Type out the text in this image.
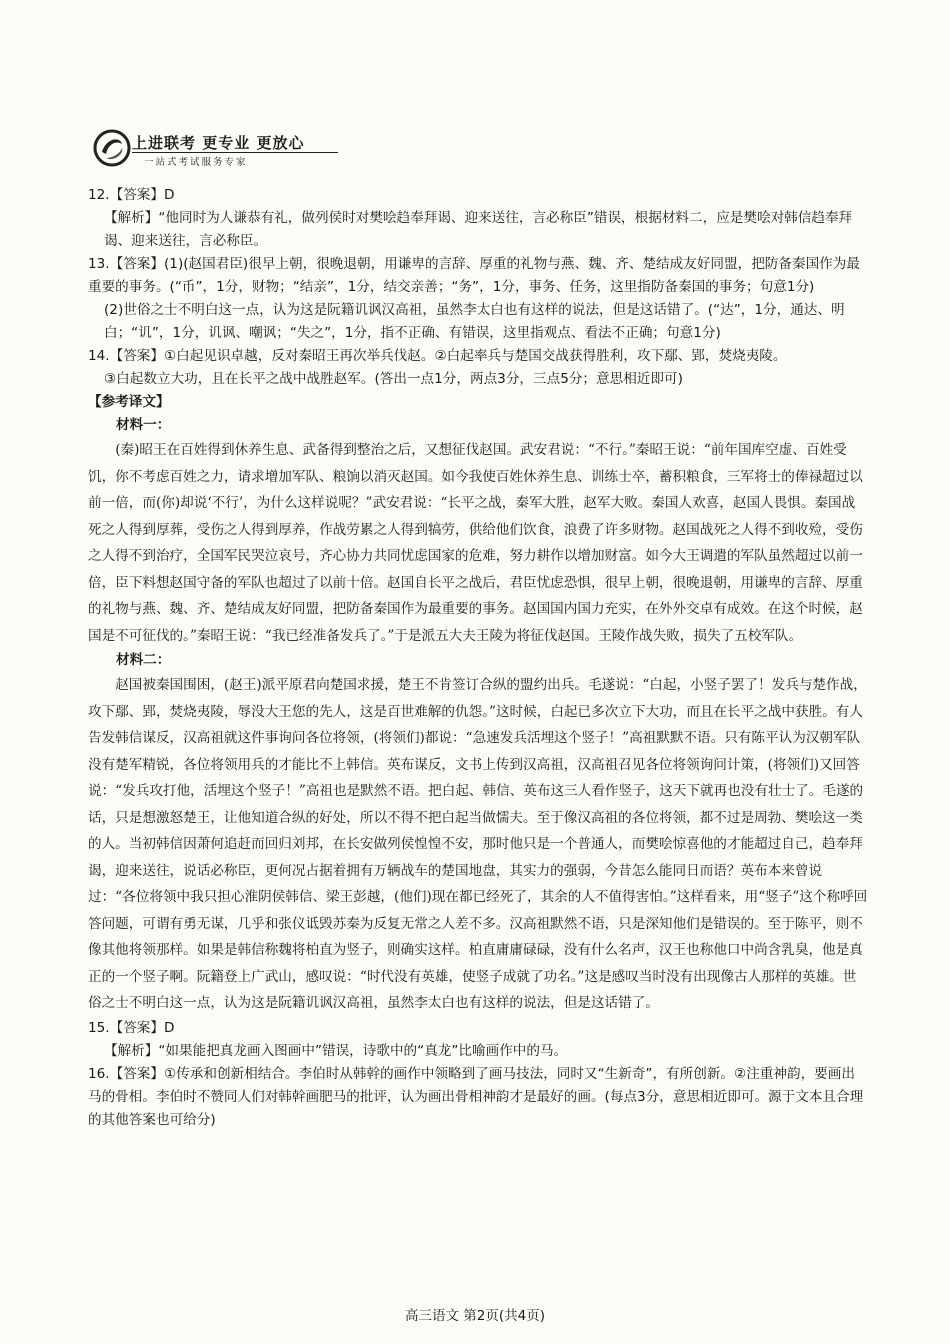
上进联考 更专业 更放心
一站式考试服务专家

12.【答案】D

【解析】“他同时为人谦恭有礼，做列侯时对樊哙趋奉拜谒、迎来送往，言必称臣”错误，根据材料二，应是樊哙对韩信趋奉拜谒、迎来送往，言必称臣。

13.【答案】(1)(赵国君臣)很早上朝，很晚退朝，用谦卑的言辞、厚重的礼物与燕、魏、齐、楚结成友好同盟，把防备秦国作为最重要的事务。(“币”，1分，财物；“结亲”，1分，结交亲善；“务”，1分，事务、任务，这里指防备秦国的事务；句意1分)

(2)世俗之士不明白这一点，认为这是阮籍讥讽汉高祖，虽然李太白也有这样的说法，但是这话错了。(“达”，1分，通达、明白；“讥”，1分，讥讽、嘲讽；“失之”，1分，指不正确、有错误，这里指观点、看法不正确；句意1分)

14.【答案】①白起见识卓越，反对秦昭王再次举兵伐赵。②白起率兵与楚国交战获得胜利，攻下鄢、郢，焚烧夷陵。

③白起数立大功，且在长平之战中战胜赵军。(答出一点1分，两点3分，三点5分；意思相近即可)

【参考译文】

材料一：

(秦)昭王在百姓得到休养生息、武备得到整治之后，又想征伐赵国。武安君说：“不行。”秦昭王说：“前年国库空虚、百姓受饥，你不考虑百姓之力，请求增加军队、粮饷以消灭赵国。如今我使百姓休养生息、训练士卒，蓄积粮食，三军将士的俸禄超过以前一倍，而(你)却说‘不行’，为什么这样说呢？”武安君说：“长平之战，秦军大胜，赵军大败。秦国人欢喜，赵国人畏惧。秦国战死之人得到厚葬，受伤之人得到厚养，作战劳累之人得到犒劳，供给他们饮食，浪费了许多财物。赵国战死之人得不到收殓，受伤之人得不到治疗，全国军民哭泣哀号，齐心协力共同忧虑国家的危难，努力耕作以增加财富。如今大王调遣的军队虽然超过以前一倍，臣下料想赵国守备的军队也超过了以前十倍。赵国自长平之战后，君臣忧虑恐惧，很早上朝，很晚退朝，用谦卑的言辞、厚重的礼物与燕、魏、齐、楚结成友好同盟，把防备秦国作为最重要的事务。赵国国内国力充实，在外外交卓有成效。在这个时候，赵国是不可征伐的。”秦昭王说：“我已经准备发兵了。”于是派五大夫王陵为将征伐赵国。王陵作战失败，损失了五校军队。

材料二：

赵国被秦国围困，(赵王)派平原君向楚国求援，楚王不肯签订合纵的盟约出兵。毛遂说：“白起，小竖子罢了！发兵与楚作战，攻下鄢、郢，焚烧夷陵，辱没大王您的先人，这是百世难解的仇怨。”这时候，白起已多次立下大功，而且在长平之战中获胜。有人告发韩信谋反，汉高祖就这件事询问各位将领，(将领们)都说：“急速发兵活埋这个竖子！”高祖默默不语。只有陈平认为汉朝军队没有楚军精锐，各位将领用兵的才能比不上韩信。英布谋反，文书上传到汉高祖，汉高祖召见各位将领询问计策，(将领们)又回答说：“发兵攻打他，活埋这个竖子！”高祖也是默然不语。把白起、韩信、英布这三人看作竖子，这天下就再也没有壮士了。毛遂的话，只是想激怒楚王，让他知道合纵的好处，所以不得不把白起当做懦夫。至于像汉高祖的各位将领，都不过是周勃、樊哙这一类的人。当初韩信因萧何追赶而回归刘邦，在长安做列侯惶惶不安，那时他只是一个普通人，而樊哙惊喜他的才能超过自己，趋奉拜谒，迎来送往，说话必称臣，更何况占据着拥有万辆战车的楚国地盘，其实力的强弱，今昔怎么能同日而语？英布本来曾说过：“各位将领中我只担心淮阴侯韩信、梁王彭越，(他们)现在都已经死了，其余的人不值得害怕。”这样看来，用“竖子”这个称呼回答问题，可谓有勇无谋，几乎和张仪诋毁苏秦为反复无常之人差不多。汉高祖默然不语，只是深知他们是错误的。至于陈平，则不像其他将领那样。如果是韩信称魏将柏直为竖子，则确实这样。柏直庸庸碌碌，没有什么名声，汉王也称他口中尚含乳臭，他是真正的一个竖子啊。阮籍登上广武山，感叹说：“时代没有英雄，使竖子成就了功名。”这是感叹当时没有出现像古人那样的英雄。世俗之士不明白这一点，认为这是阮籍讥讽汉高祖，虽然李太白也有这样的说法，但是这话错了。

15.【答案】D

【解析】“如果能把真龙画入图画中”错误，诗歌中的“真龙”比喻画作中的马。

16.【答案】①传承和创新相结合。李伯时从韩幹的画作中领略到了画马技法，同时又“生新奇”，有所创新。②注重神韵，要画出马的骨相。李伯时不赞同人们对韩幹画肥马的批评，认为画出骨相神韵才是最好的画。(每点3分，意思相近即可。源于文本且合理的其他答案也可给分)

高三语文 第2页(共4页)
